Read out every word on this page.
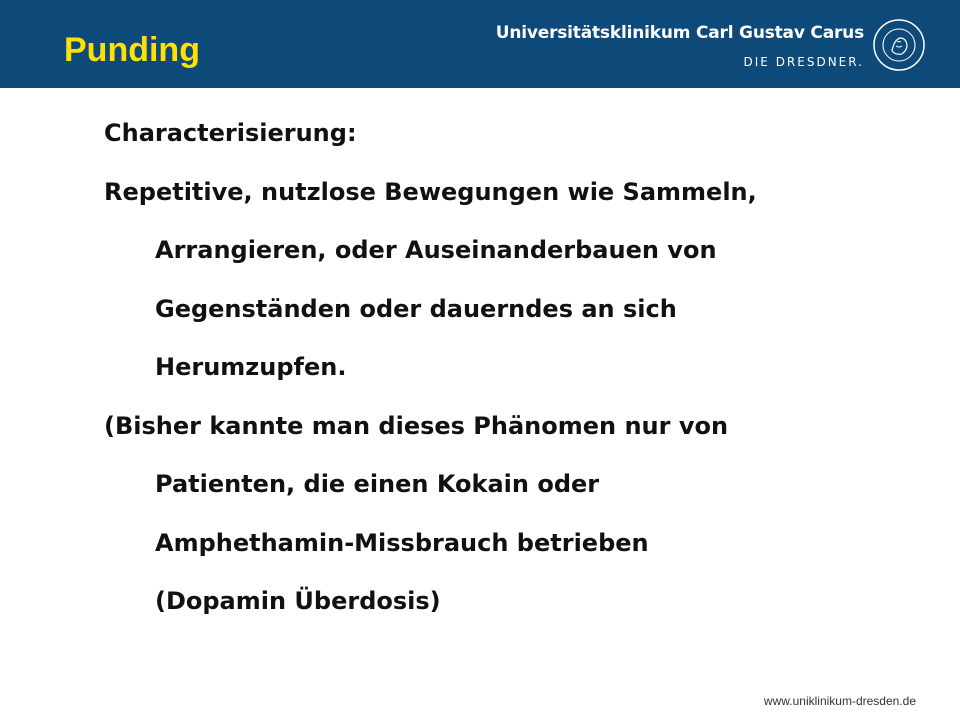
Punding	Universitätsklinikum Carl Gustav Carus
DIE DRESDNER.
Characterisierung:
Repetitive, nutzlose Bewegungen wie Sammeln,
Arrangieren, oder Auseinanderbauen von
Gegenständen oder dauerndes an sich
Herumzupfen.
(Bisher kannte man dieses Phänomen nur von
Patienten, die einen Kokain oder
Amphethamin-Missbrauch betrieben
(Dopamin Überdosis)
www.uniklinikum-dresden.de
